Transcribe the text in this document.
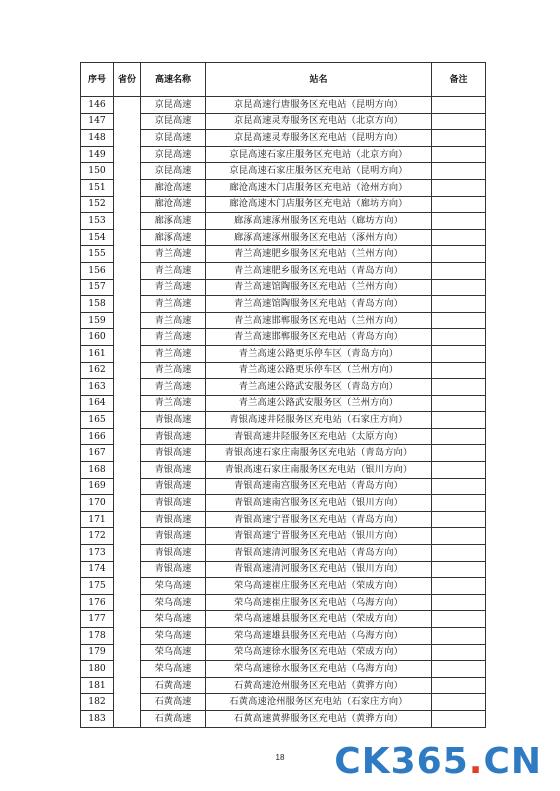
序号	省份	高速名称	站名	备注
146		京昆高速	京昆高速行唐服务区充电站（昆明方向）	
147		京昆高速	京昆高速灵寿服务区充电站（北京方向）	
148		京昆高速	京昆高速灵寿服务区充电站（昆明方向）	
149		京昆高速	京昆高速石家庄服务区充电站（北京方向）	
150		京昆高速	京昆高速石家庄服务区充电站（昆明方向）	
151		廊沧高速	廊沧高速木门店服务区充电站（沧州方向）	
152		廊沧高速	廊沧高速木门店服务区充电站（廊坊方向）	
153		廊涿高速	廊涿高速涿州服务区充电站（廊坊方向）	
154		廊涿高速	廊涿高速涿州服务区充电站（涿州方向）	
155		青兰高速	青兰高速肥乡服务区充电站（兰州方向）	
156		青兰高速	青兰高速肥乡服务区充电站（青岛方向）	
157		青兰高速	青兰高速馆陶服务区充电站（兰州方向）	
158		青兰高速	青兰高速馆陶服务区充电站（青岛方向）	
159		青兰高速	青兰高速邯郸服务区充电站（兰州方向）	
160		青兰高速	青兰高速邯郸服务区充电站（青岛方向）	
161		青兰高速	青兰高速公路更乐停车区（青岛方向）	
162		青兰高速	青兰高速公路更乐停车区（兰州方向）	
163		青兰高速	青兰高速公路武安服务区（青岛方向）	
164		青兰高速	青兰高速公路武安服务区（兰州方向）	
165		青银高速	青银高速井陉服务区充电站（石家庄方向）	
166		青银高速	青银高速井陉服务区充电站（太原方向）	
167		青银高速	青银高速石家庄南服务区充电站（青岛方向）	
168		青银高速	青银高速石家庄南服务区充电站（银川方向）	
169		青银高速	青银高速南宫服务区充电站（青岛方向）	
170		青银高速	青银高速南宫服务区充电站（银川方向）	
171		青银高速	青银高速宁晋服务区充电站（青岛方向）	
172		青银高速	青银高速宁晋服务区充电站（银川方向）	
173		青银高速	青银高速清河服务区充电站（青岛方向）	
174		青银高速	青银高速清河服务区充电站（银川方向）	
175		荣乌高速	荣乌高速崔庄服务区充电站（荣成方向）	
176		荣乌高速	荣乌高速崔庄服务区充电站（乌海方向）	
177		荣乌高速	荣乌高速雄县服务区充电站（荣成方向）	
178		荣乌高速	荣乌高速雄县服务区充电站（乌海方向）	
179		荣乌高速	荣乌高速徐水服务区充电站（荣成方向）	
180		荣乌高速	荣乌高速徐水服务区充电站（乌海方向）	
181		石黄高速	石黄高速沧州服务区充电站（黄骅方向）	
182		石黄高速	石黄高速沧州服务区充电站（石家庄方向）	
183		石黄高速	石黄高速黄骅服务区充电站（黄骅方向）	
18	CK365.CN
